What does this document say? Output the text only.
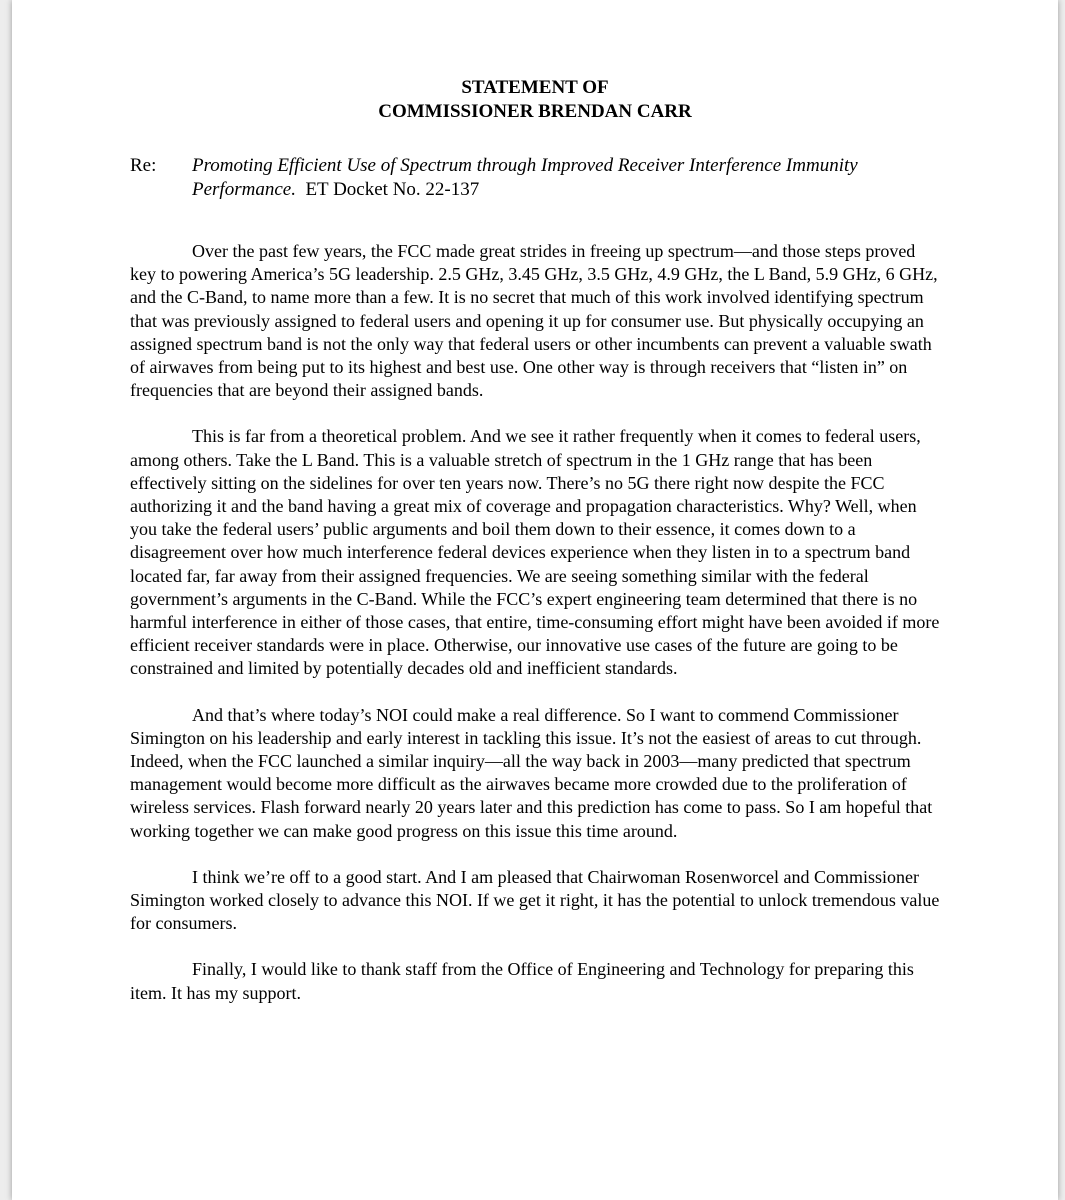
STATEMENT OF
COMMISSIONER BRENDAN CARR
Re:	Promoting Efficient Use of Spectrum through Improved Receiver Interference Immunity Performance. ET Docket No. 22-137

Over the past few years, the FCC made great strides in freeing up spectrum—and those steps proved key to powering America’s 5G leadership. 2.5 GHz, 3.45 GHz, 3.5 GHz, 4.9 GHz, the L Band, 5.9 GHz, 6 GHz, and the C-Band, to name more than a few. It is no secret that much of this work involved identifying spectrum that was previously assigned to federal users and opening it up for consumer use. But physically occupying an assigned spectrum band is not the only way that federal users or other incumbents can prevent a valuable swath of airwaves from being put to its highest and best use. One other way is through receivers that “listen in” on frequencies that are beyond their assigned bands.

This is far from a theoretical problem. And we see it rather frequently when it comes to federal users, among others. Take the L Band. This is a valuable stretch of spectrum in the 1 GHz range that has been effectively sitting on the sidelines for over ten years now. There’s no 5G there right now despite the FCC authorizing it and the band having a great mix of coverage and propagation characteristics. Why? Well, when you take the federal users’ public arguments and boil them down to their essence, it comes down to a disagreement over how much interference federal devices experience when they listen in to a spectrum band located far, far away from their assigned frequencies. We are seeing something similar with the federal government’s arguments in the C-Band. While the FCC’s expert engineering team determined that there is no harmful interference in either of those cases, that entire, time-consuming effort might have been avoided if more efficient receiver standards were in place. Otherwise, our innovative use cases of the future are going to be constrained and limited by potentially decades old and inefficient standards.

And that’s where today’s NOI could make a real difference. So I want to commend Commissioner Simington on his leadership and early interest in tackling this issue. It’s not the easiest of areas to cut through. Indeed, when the FCC launched a similar inquiry—all the way back in 2003—many predicted that spectrum management would become more difficult as the airwaves became more crowded due to the proliferation of wireless services. Flash forward nearly 20 years later and this prediction has come to pass. So I am hopeful that working together we can make good progress on this issue this time around.

I think we’re off to a good start. And I am pleased that Chairwoman Rosenworcel and Commissioner Simington worked closely to advance this NOI. If we get it right, it has the potential to unlock tremendous value for consumers.

Finally, I would like to thank staff from the Office of Engineering and Technology for preparing this item. It has my support.
